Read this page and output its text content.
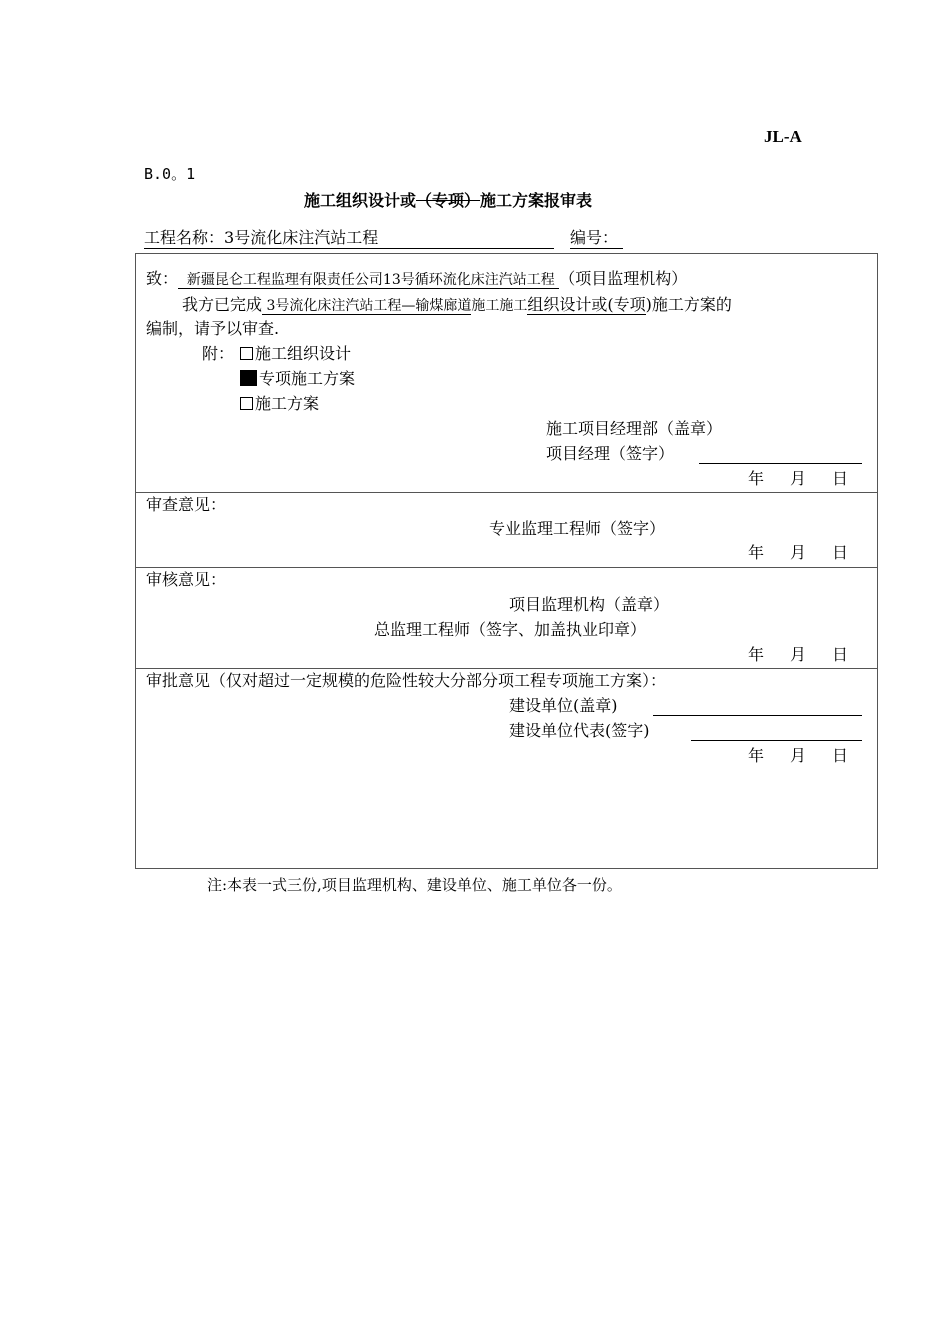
JL-A
B.0。1
施工组织设计或（专项）施工方案报审表
工程名称：3号流化床注汽站工程	编号：
致： 新疆昆仑工程监理有限责任公司13号循环流化床注汽站工程 （项目监理机构）
我方已完成 3号流化床注汽站工程—输煤廊道施工施工组织设计或(专项)施工方案的
编制，请予以审查.
附：	施工组织设计
专项施工方案
施工方案
施工项目经理部（盖章）
项目经理（签字）
年 月 日
审查意见：
专业监理工程师（签字）
年 月 日
审核意见：
项目监理机构（盖章）
总监理工程师（签字、加盖执业印章）
年 月 日
审批意见（仅对超过一定规模的危险性较大分部分项工程专项施工方案）：
建设单位(盖章)
建设单位代表(签字)
年 月 日
注:本表一式三份,项目监理机构、建设单位、施工单位各一份。
